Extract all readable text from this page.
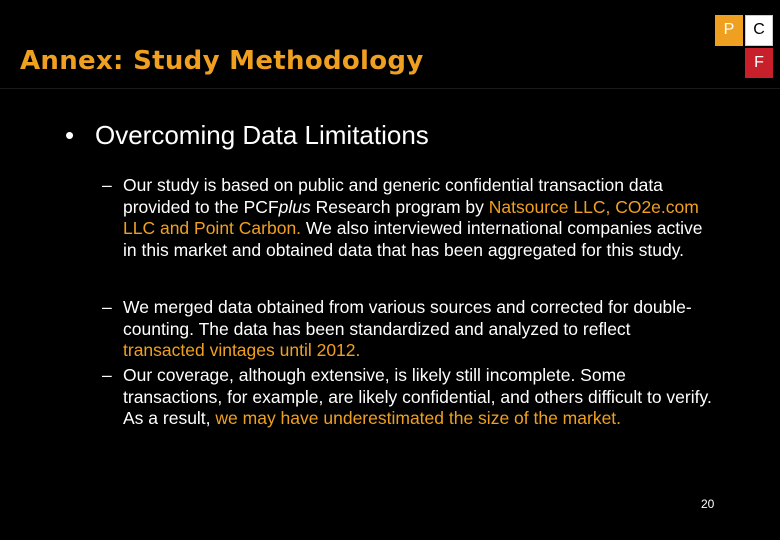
Annex: Study Methodology
P	C
F
• Overcoming Data Limitations
– Our study is based on public and generic confidential transaction data provided to the PCFplus Research program by Natsource LLC, CO2e.com LLC and Point Carbon. We also interviewed international companies active in this market and obtained data that has been aggregated for this study.
– We merged data obtained from various sources and corrected for double-counting. The data has been standardized and analyzed to reflect transacted vintages until 2012.
– Our coverage, although extensive, is likely still incomplete. Some transactions, for example, are likely confidential, and others difficult to verify. As a result, we may have underestimated the size of the market.
20
